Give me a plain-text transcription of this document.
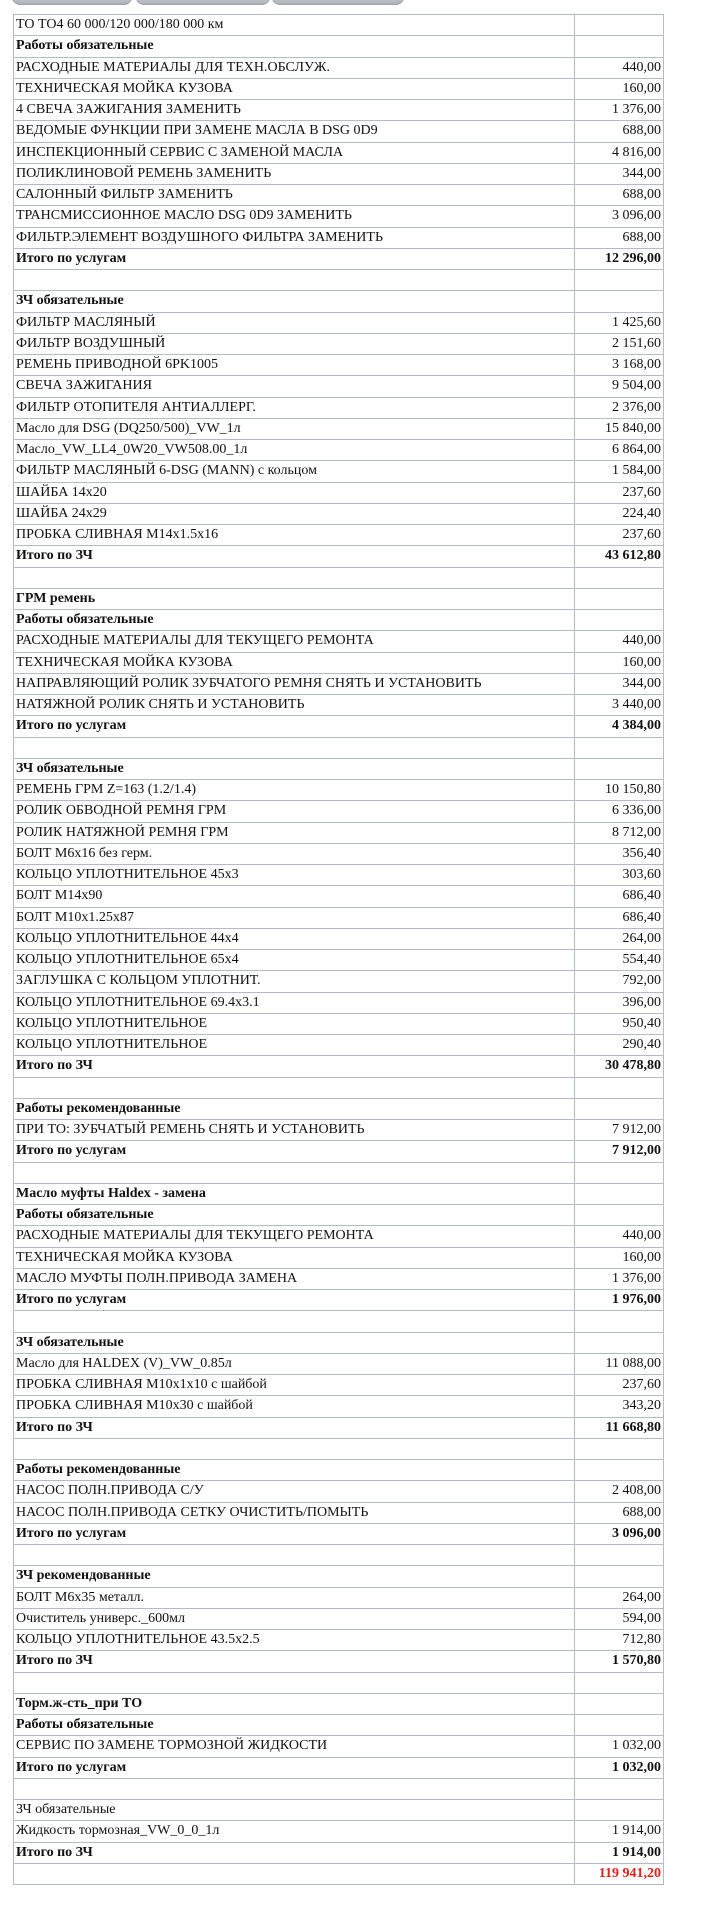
ТО ТО4 60 000/120 000/180 000 км	
Работы обязательные	
РАСХОДНЫЕ МАТЕРИАЛЫ ДЛЯ ТЕХН.ОБСЛУЖ.	440,00
ТЕХНИЧЕСКАЯ МОЙКА КУЗОВА	160,00
4 СВЕЧА ЗАЖИГАНИЯ ЗАМЕНИТЬ	1 376,00
ВЕДОМЫЕ ФУНКЦИИ ПРИ ЗАМЕНЕ МАСЛА В DSG 0D9	688,00
ИНСПЕКЦИОННЫЙ СЕРВИС С ЗАМЕНОЙ МАСЛА	4 816,00
ПОЛИКЛИНОВОЙ РЕМЕНЬ ЗАМЕНИТЬ	344,00
САЛОННЫЙ ФИЛЬТР ЗАМЕНИТЬ	688,00
ТРАНСМИССИОННОЕ МАСЛО DSG 0D9 ЗАМЕНИТЬ	3 096,00
ФИЛЬТР.ЭЛЕМЕНТ ВОЗДУШНОГО ФИЛЬТРА ЗАМЕНИТЬ	688,00
Итого по услугам	12 296,00

ЗЧ обязательные	
ФИЛЬТР МАСЛЯНЫЙ	1 425,60
ФИЛЬТР ВОЗДУШНЫЙ	2 151,60
РЕМЕНЬ ПРИВОДНОЙ 6PK1005	3 168,00
СВЕЧА ЗАЖИГАНИЯ	9 504,00
ФИЛЬТР ОТОПИТЕЛЯ АНТИАЛЛЕРГ.	2 376,00
Масло для DSG (DQ250/500)_VW_1л	15 840,00
Масло_VW_LL4_0W20_VW508.00_1л	6 864,00
ФИЛЬТР МАСЛЯНЫЙ 6-DSG (MANN) с кольцом	1 584,00
ШАЙБА 14x20	237,60
ШАЙБА 24x29	224,40
ПРОБКА СЛИВНАЯ M14x1.5x16	237,60
Итого по ЗЧ	43 612,80

ГРМ ремень	
Работы обязательные	
РАСХОДНЫЕ МАТЕРИАЛЫ ДЛЯ ТЕКУЩЕГО РЕМОНТА	440,00
ТЕХНИЧЕСКАЯ МОЙКА КУЗОВА	160,00
НАПРАВЛЯЮЩИЙ РОЛИК ЗУБЧАТОГО РЕМНЯ СНЯТЬ И УСТАНОВИТЬ	344,00
НАТЯЖНОЙ РОЛИК СНЯТЬ И УСТАНОВИТЬ	3 440,00
Итого по услугам	4 384,00

ЗЧ обязательные	
РЕМЕНЬ ГРМ Z=163 (1.2/1.4)	10 150,80
РОЛИК ОБВОДНОЙ РЕМНЯ ГРМ	6 336,00
РОЛИК НАТЯЖНОЙ РЕМНЯ ГРМ	8 712,00
БОЛТ M6x16 без герм.	356,40
КОЛЬЦО УПЛОТНИТЕЛЬНОЕ 45x3	303,60
БОЛТ M14x90	686,40
БОЛТ M10x1.25x87	686,40
КОЛЬЦО УПЛОТНИТЕЛЬНОЕ 44x4	264,00
КОЛЬЦО УПЛОТНИТЕЛЬНОЕ 65x4	554,40
ЗАГЛУШКА С КОЛЬЦОМ УПЛОТНИТ.	792,00
КОЛЬЦО УПЛОТНИТЕЛЬНОЕ 69.4x3.1	396,00
КОЛЬЦО УПЛОТНИТЕЛЬНОЕ	950,40
КОЛЬЦО УПЛОТНИТЕЛЬНОЕ	290,40
Итого по ЗЧ	30 478,80

Работы рекомендованные	
ПРИ ТО: ЗУБЧАТЫЙ РЕМЕНЬ СНЯТЬ И УСТАНОВИТЬ	7 912,00
Итого по услугам	7 912,00

Масло муфты Haldex - замена	
Работы обязательные	
РАСХОДНЫЕ МАТЕРИАЛЫ ДЛЯ ТЕКУЩЕГО РЕМОНТА	440,00
ТЕХНИЧЕСКАЯ МОЙКА КУЗОВА	160,00
МАСЛО МУФТЫ ПОЛН.ПРИВОДА ЗАМЕНА	1 376,00
Итого по услугам	1 976,00

ЗЧ обязательные	
Масло для HALDEX (V)_VW_0.85л	11 088,00
ПРОБКА СЛИВНАЯ M10x1x10 с шайбой	237,60
ПРОБКА СЛИВНАЯ M10x30 с шайбой	343,20
Итого по ЗЧ	11 668,80

Работы рекомендованные	
НАСОС ПОЛН.ПРИВОДА С/У	2 408,00
НАСОС ПОЛН.ПРИВОДА СЕТКУ ОЧИСТИТЬ/ПОМЫТЬ	688,00
Итого по услугам	3 096,00

ЗЧ рекомендованные	
БОЛТ M6x35 металл.	264,00
Очиститель универс._600мл	594,00
КОЛЬЦО УПЛОТНИТЕЛЬНОЕ 43.5x2.5	712,80
Итого по ЗЧ	1 570,80

Торм.ж-сть_при ТО	
Работы обязательные	
СЕРВИС ПО ЗАМЕНЕ ТОРМОЗНОЙ ЖИДКОСТИ	1 032,00
Итого по услугам	1 032,00

ЗЧ обязательные	
Жидкость тормозная_VW_0_0_1л	1 914,00
Итого по ЗЧ	1 914,00
	119 941,20
